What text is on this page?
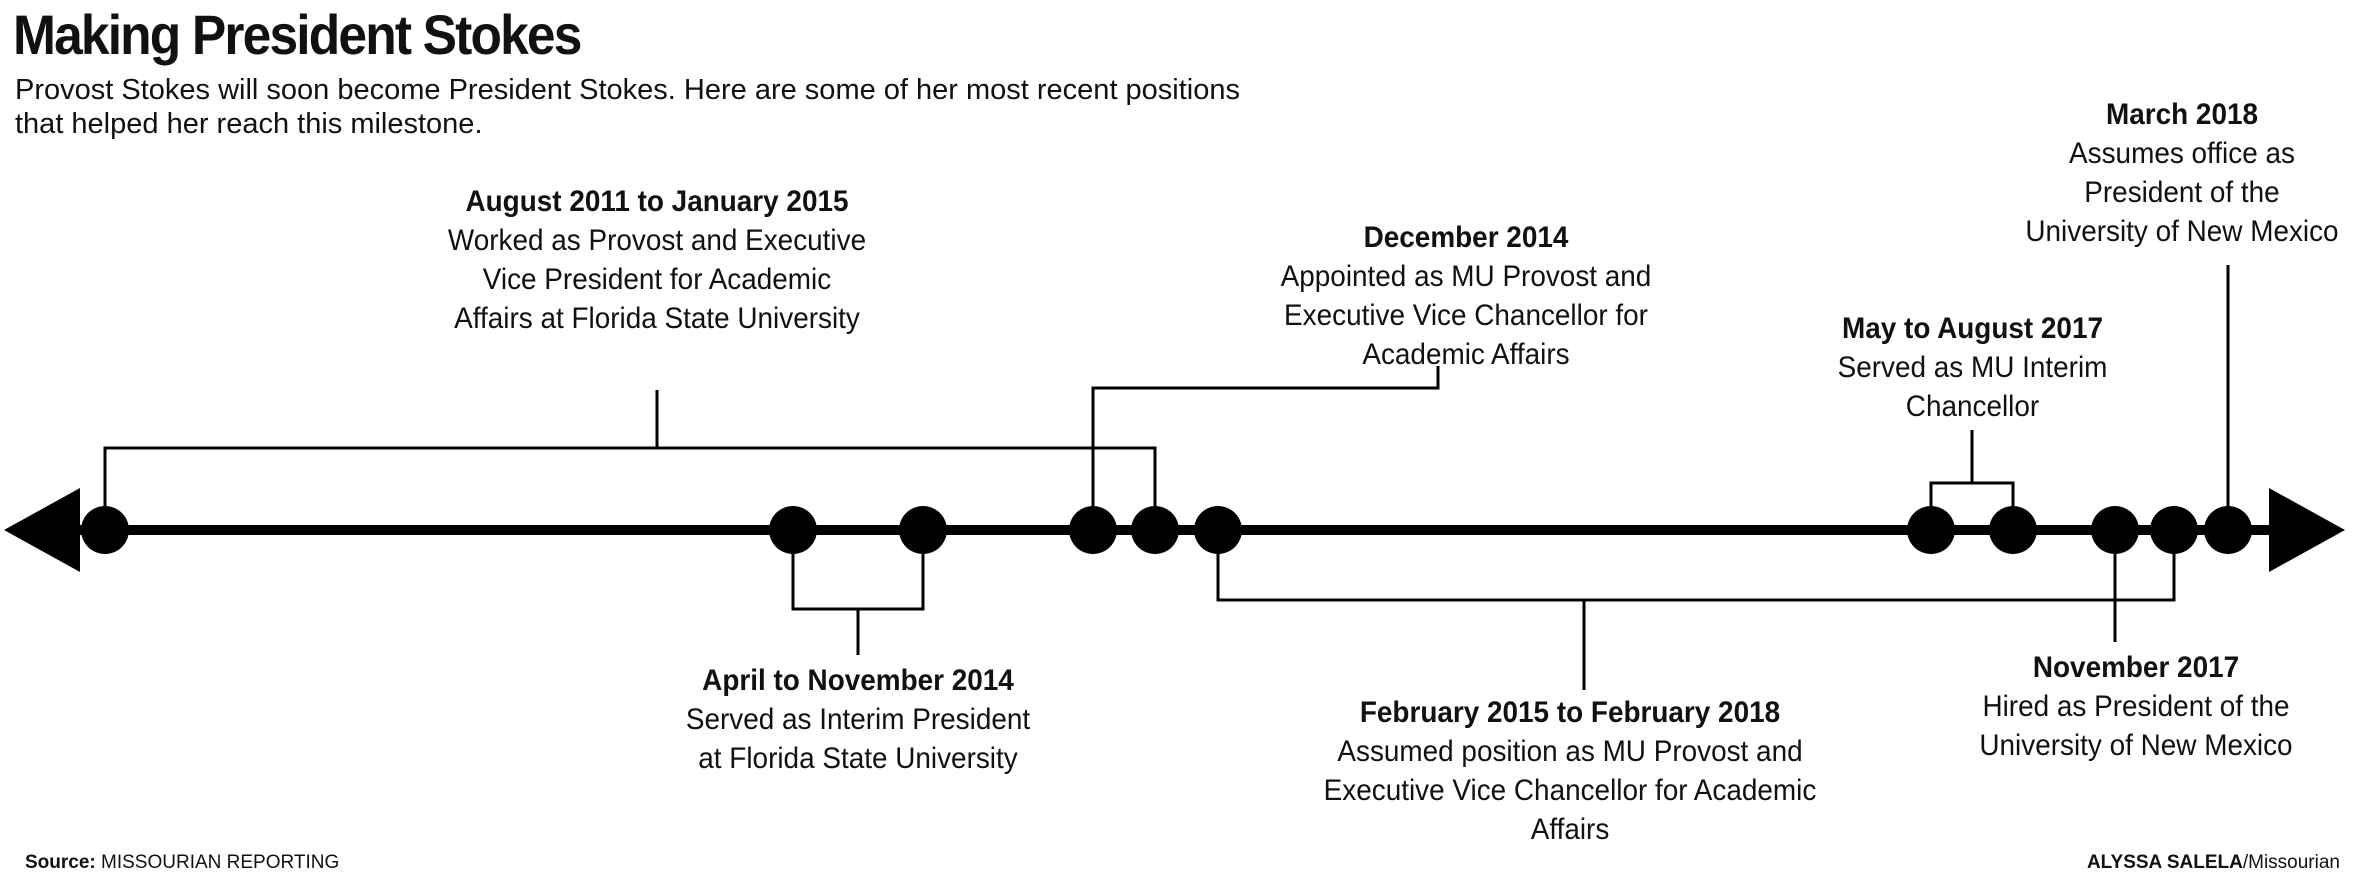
Making President Stokes

Provost Stokes will soon become President Stokes. Here are some of her most recent positions that helped her reach this milestone.

August 2011 to January 2015
Worked as Provost and Executive Vice President for Academic Affairs at Florida State University
April to November 2014
Served as Interim President at Florida State University
December 2014
Appointed as MU Provost and Executive Vice Chancellor for Academic Affairs
February 2015 to February 2018
Assumed position as MU Provost and Executive Vice Chancellor for Academic Affairs
May to August 2017
Served as MU Interim Chancellor
November 2017
Hired as President of the University of New Mexico
March 2018
Assumes office as President of the University of New Mexico

Source: MISSOURIAN REPORTING	ALYSSA SALELA/Missourian
